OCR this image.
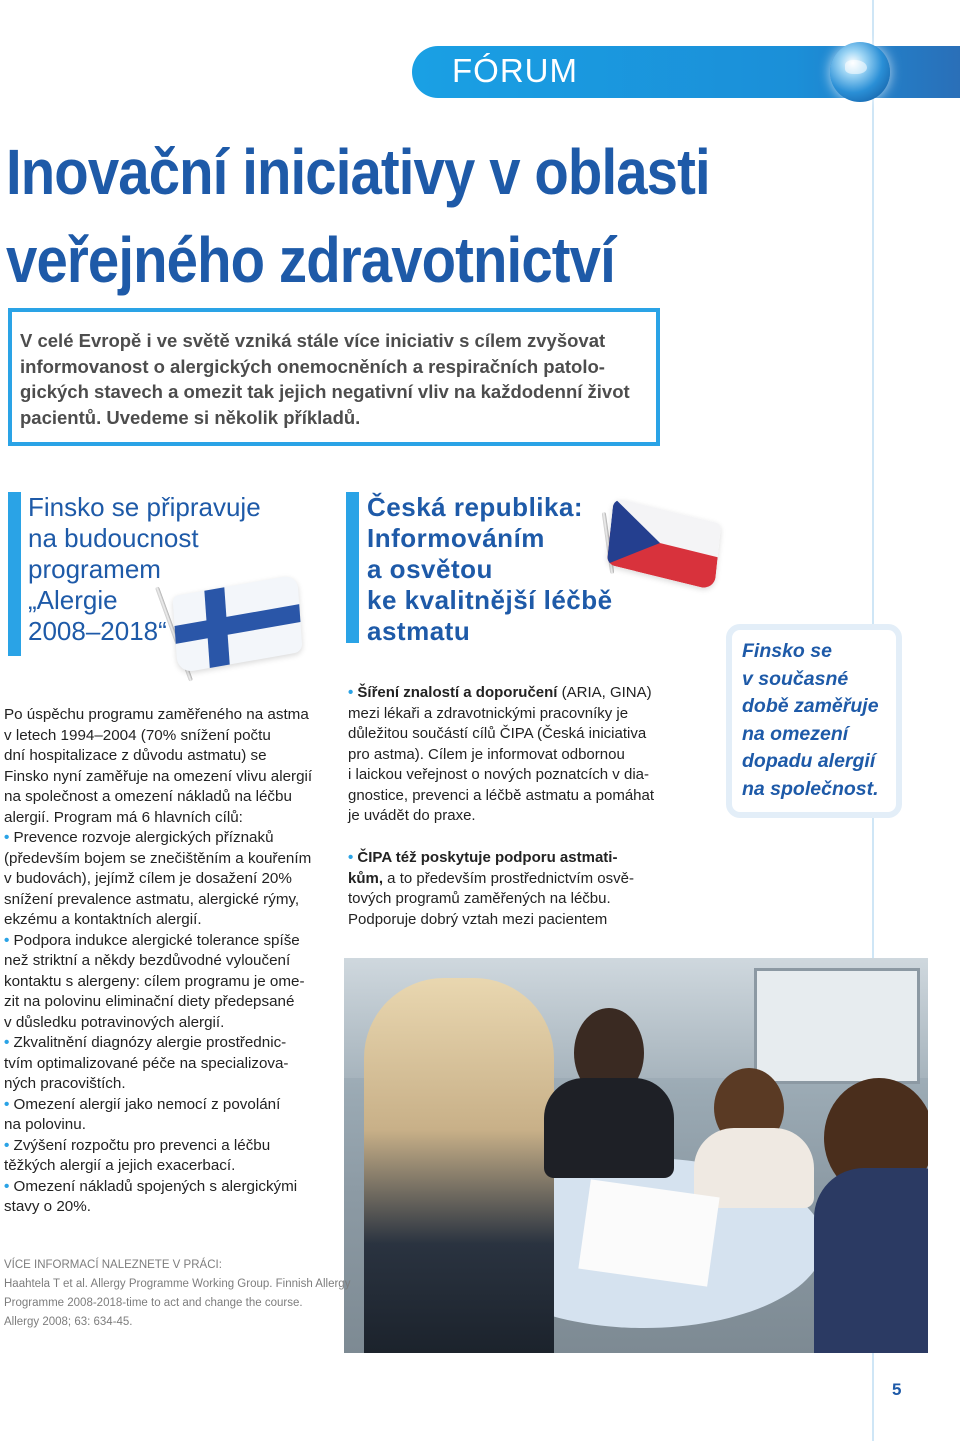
FÓRUM
Inovační iniciativy v oblasti
veřejného zdravotnictví

V celé Evropě i ve světě vzniká stále více iniciativ s cílem zvyšovat
informovanost o alergických onemocněních a respiračních patolo-
gických stavech a omezit tak jejich negativní vliv na každodenní život
pacientů. Uvedeme si několik příkladů.

Finsko se připravuje
na budoucnost
programem
„Alergie
2008–2018“
Po úspěchu programu zaměřeného na astma
v letech 1994–2004 (70% snížení počtu
dní hospitalizace z důvodu astmatu) se
Finsko nyní zaměřuje na omezení vlivu alergií
na společnost a omezení nákladů na léčbu
alergií. Program má 6 hlavních cílů:
• Prevence rozvoje alergických příznaků
(především bojem se znečištěním a kouřením
v budovách), jejímž cílem je dosažení 20%
snížení prevalence astmatu, alergické rýmy,
ekzému a kontaktních alergií.
• Podpora indukce alergické tolerance spíše
než striktní a někdy bezdůvodné vyloučení
kontaktu s alergeny: cílem programu je ome-
zit na polovinu eliminační diety předepsané
v důsledku potravinových alergií.
• Zkvalitnění diagnózy alergie prostřednic-
tvím optimalizované péče na specializova-
ných pracovištích.
• Omezení alergií jako nemocí z povolání
na polovinu.
• Zvýšení rozpočtu pro prevenci a léčbu
těžkých alergií a jejich exacerbací.
• Omezení nákladů spojených s alergickými
stavy o 20%.
Česká republika:
Informováním
a osvětou
ke kvalitnější léčbě
astmatu
• Šíření znalostí a doporučení (ARIA, GINA)
mezi lékaři a zdravotnickými pracovníky je
důležitou součástí cílů ČIPA (Česká iniciativa
pro astma). Cílem je informovat odbornou
i laickou veřejnost o nových poznatcích v dia-
gnostice, prevenci a léčbě astmatu a pomáhat
je uvádět do praxe.
• ČIPA též poskytuje podporu astmati-
kům, a to především prostřednictvím osvě-
tových programů zaměřených na léčbu.
Podporuje dobrý vztah mezi pacientem

Finsko se
v současné
době zaměřuje
na omezení
dopadu alergií
na společnost.

VÍCE INFORMACÍ NALEZNETE V PRÁCI:
Haahtela T et al. Allergy Programme Working Group. Finnish Allergy
Programme 2008-2018-time to act and change the course.
Allergy 2008; 63: 634-45.
5
